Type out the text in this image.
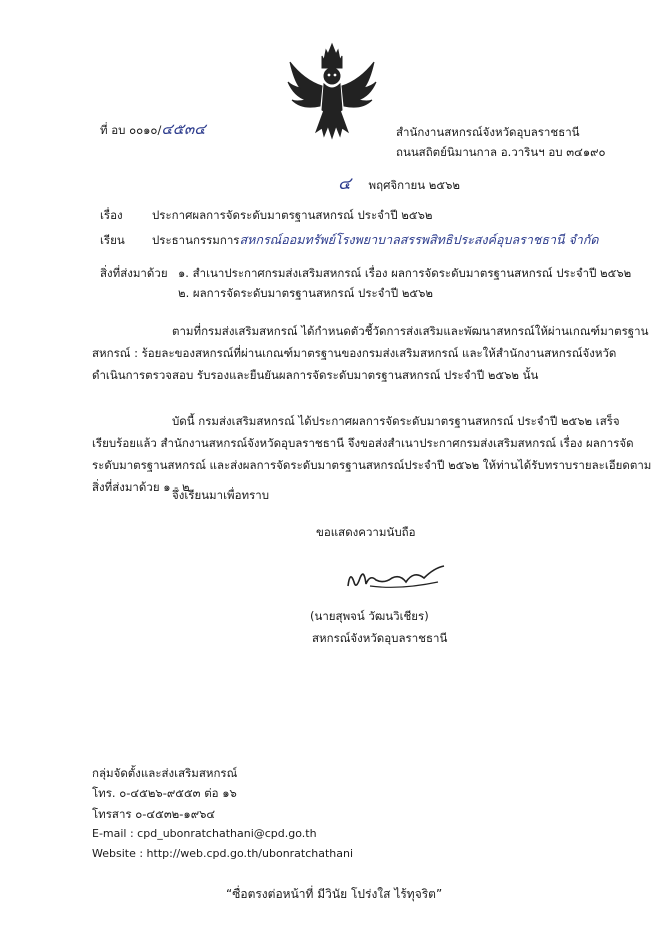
ที่ อบ ๐๐๑๐/๔๕๓๔	สำนักงานสหกรณ์จังหวัดอุบลราชธานี
ถนนสถิตย์นิมานกาล อ.วารินฯ อบ ๓๔๑๙๐
๔ พฤศจิกายน ๒๕๖๒
เรื่อง	ประกาศผลการจัดระดับมาตรฐานสหกรณ์ ประจำปี ๒๕๖๒
เรียน ประธานกรรมการสหกรณ์ออมทรัพย์โรงพยาบาลสรรพสิทธิประสงค์อุบลราชธานี จำกัด
สิ่งที่ส่งมาด้วย ๑. สำเนาประกาศกรมส่งเสริมสหกรณ์ เรื่อง ผลการจัดระดับมาตรฐานสหกรณ์ ประจำปี ๒๕๖๒
๒. ผลการจัดระดับมาตรฐานสหกรณ์ ประจำปี ๒๕๖๒
ตามที่กรมส่งเสริมสหกรณ์ ได้กำหนดตัวชี้วัดการส่งเสริมและพัฒนาสหกรณ์ให้ผ่านเกณฑ์มาตรฐานสหกรณ์ : ร้อยละของสหกรณ์ที่ผ่านเกณฑ์มาตรฐานของกรมส่งเสริมสหกรณ์ และให้สำนักงานสหกรณ์จังหวัด ดำเนินการตรวจสอบ รับรองและยืนยันผลการจัดระดับมาตรฐานสหกรณ์ ประจำปี ๒๕๖๒ นั้น
บัดนี้ กรมส่งเสริมสหกรณ์ ได้ประกาศผลการจัดระดับมาตรฐานสหกรณ์ ประจำปี ๒๕๖๒ เสร็จเรียบร้อยแล้ว สำนักงานสหกรณ์จังหวัดอุบลราชธานี จึงขอส่งสำเนาประกาศกรมส่งเสริมสหกรณ์ เรื่อง ผลการจัดระดับมาตรฐานสหกรณ์ และส่งผลการจัดระดับมาตรฐานสหกรณ์ประจำปี ๒๕๖๒ ให้ท่านได้รับทราบรายละเอียดตามสิ่งที่ส่งมาด้วย ๑ - ๒
จึงเรียนมาเพื่อทราบ
ขอแสดงความนับถือ
(นายสุพจน์ วัฒนวิเชียร)
สหกรณ์จังหวัดอุบลราชธานี
กลุ่มจัดตั้งและส่งเสริมสหกรณ์
โทร. ๐-๔๕๒๖-๙๕๕๓ ต่อ ๑๖
โทรสาร ๐-๔๕๓๒-๑๙๖๔
E-mail : cpd_ubonratchathani@cpd.go.th
Website : http://web.cpd.go.th/ubonratchathani
“ซื่อตรงต่อหน้าที่ มีวินัย โปร่งใส ไร้ทุจริต”
